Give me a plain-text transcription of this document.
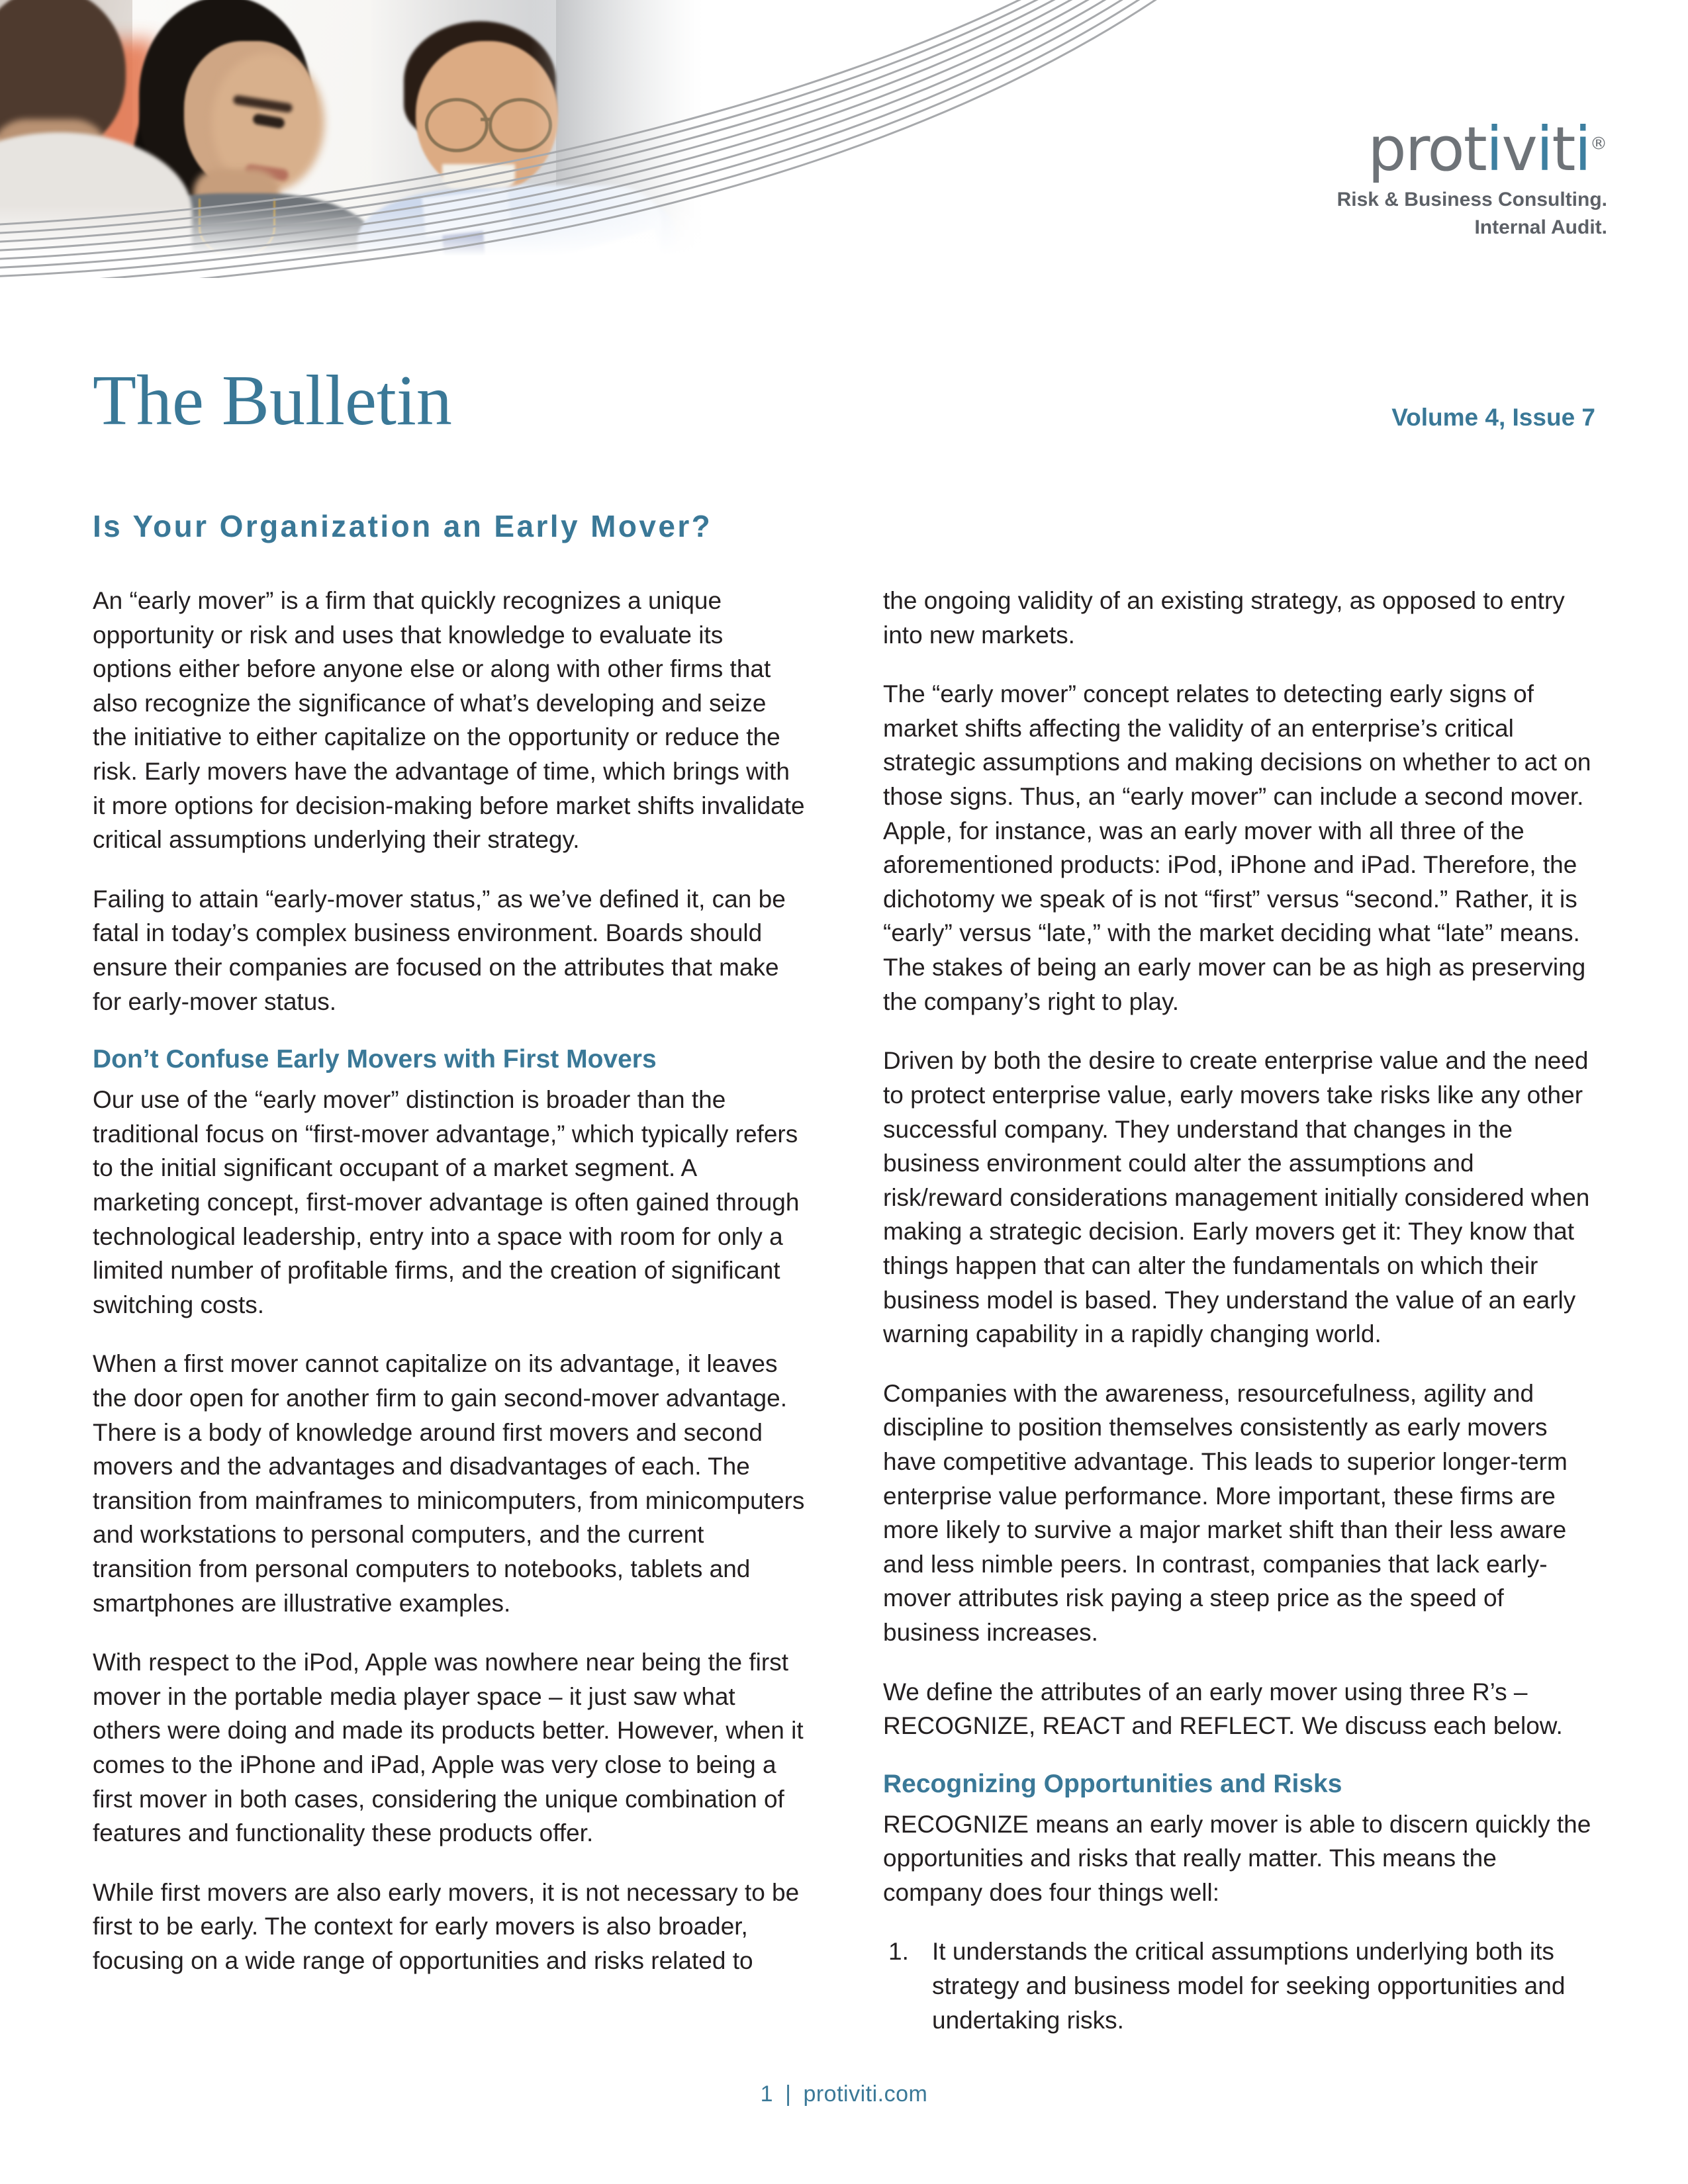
protiviti®
Risk & Business Consulting.
Internal Audit.
The Bulletin	Volume 4, Issue 7
Is Your Organization an Early Mover?

An “early mover” is a firm that quickly recognizes a unique opportunity or risk and uses that knowledge to evaluate its options either before anyone else or along with other firms that also recognize the significance of what’s developing and seize the initiative to either capitalize on the opportunity or reduce the risk. Early movers have the advantage of time, which brings with it more options for decision-making before market shifts invalidate critical assumptions underlying their strategy.

Failing to attain “early-mover status,” as we’ve defined it, can be fatal in today’s complex business environment. Boards should ensure their companies are focused on the attributes that make for early-mover status.

Don’t Confuse Early Movers with First Movers

Our use of the “early mover” distinction is broader than the traditional focus on “first-mover advantage,” which typically refers to the initial significant occupant of a market segment. A marketing concept, first-mover advantage is often gained through technological leadership, entry into a space with room for only a limited number of profitable firms, and the creation of significant switching costs.

When a first mover cannot capitalize on its advantage, it leaves the door open for another firm to gain second-mover advantage. There is a body of knowledge around first movers and second movers and the advantages and disadvantages of each. The transition from mainframes to minicomputers, from minicomputers and workstations to personal computers, and the current transition from personal computers to notebooks, tablets and smartphones are illustrative examples.

With respect to the iPod, Apple was nowhere near being the first mover in the portable media player space – it just saw what others were doing and made its products better. However, when it comes to the iPhone and iPad, Apple was very close to being a first mover in both cases, considering the unique combination of features and functionality these products offer.

While first movers are also early movers, it is not necessary to be first to be early. The context for early movers is also broader, focusing on a wide range of opportunities and risks related to

the ongoing validity of an existing strategy, as opposed to entry into new markets.

The “early mover” concept relates to detecting early signs of market shifts affecting the validity of an enterprise’s critical strategic assumptions and making decisions on whether to act on those signs. Thus, an “early mover” can include a second mover. Apple, for instance, was an early mover with all three of the aforementioned products: iPod, iPhone and iPad. Therefore, the dichotomy we speak of is not “first” versus “second.” Rather, it is “early” versus “late,” with the market deciding what “late” means. The stakes of being an early mover can be as high as preserving the company’s right to play.

Driven by both the desire to create enterprise value and the need to protect enterprise value, early movers take risks like any other successful company. They understand that changes in the business environment could alter the assumptions and risk/reward considerations management initially considered when making a strategic decision. Early movers get it: They know that things happen that can alter the fundamentals on which their business model is based. They understand the value of an early warning capability in a rapidly changing world.

Companies with the awareness, resourcefulness, agility and discipline to position themselves consistently as early movers have competitive advantage. This leads to superior longer-term enterprise value performance. More important, these firms are more likely to survive a major market shift than their less aware and less nimble peers. In contrast, companies that lack early-mover attributes risk paying a steep price as the speed of business increases.

We define the attributes of an early mover using three R’s – RECOGNIZE, REACT and REFLECT. We discuss each below.

Recognizing Opportunities and Risks

RECOGNIZE means an early mover is able to discern quickly the opportunities and risks that really matter. This means the company does four things well:

It understands the critical assumptions underlying both its strategy and business model for seeking opportunities and undertaking risks.
1 | protiviti.com
